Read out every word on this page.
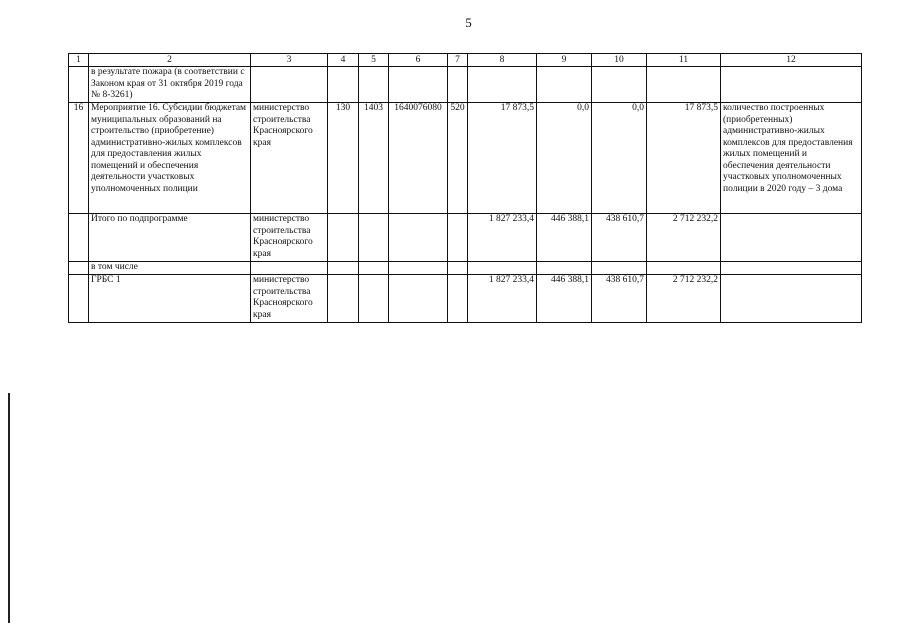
5
1	2	3	4	5	6	7	8	9	10	11	12
	в результате пожара (в соответствии с Законом края от 31 октября 2019 года № 8-3261)										
16	Мероприятие 16. Субсидии бюджетам муниципальных образований на строительство (приобретение) административно-жилых комплексов для предоставления жилых помещений и обеспечения деятельности участковых уполномоченных полиции	министерство строительства Красноярского края	130	1403	1640076080	520	17 873,5	0,0	0,0	17 873,5	количество построенных (приобретенных) административно-жилых комплексов для предоставления жилых помещений и обеспечения деятельности участковых уполномоченных полиции в 2020 году – 3 дома
	Итого по подпрограмме	министерство строительства Красноярского края					1 827 233,4	446 388,1	438 610,7	2 712 232,2	
	в том числе										
	ГРБС 1	министерство строительства Красноярского края					1 827 233,4	446 388,1	438 610,7	2 712 232,2	
